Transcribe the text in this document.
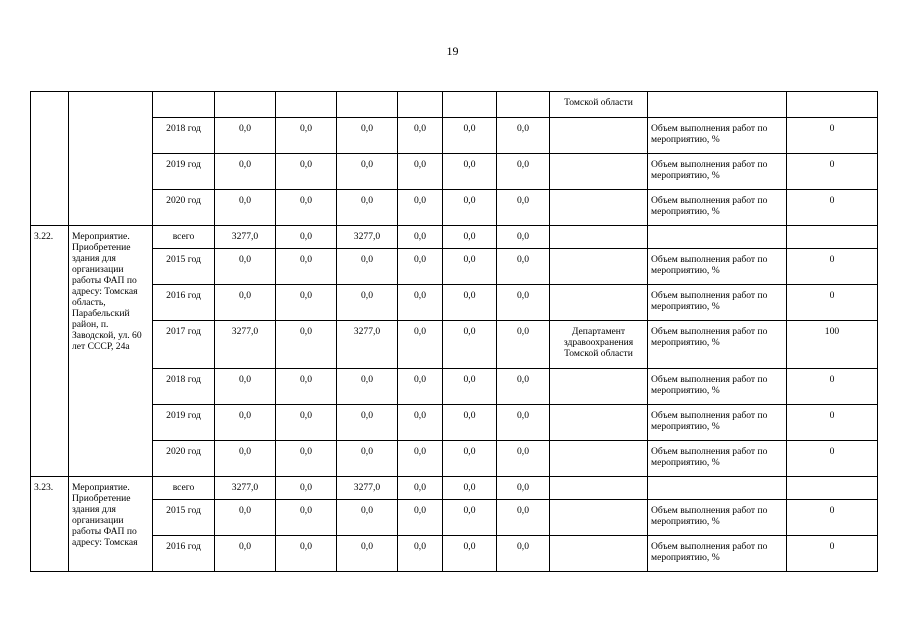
19
									Томской области		
		2018 год	0,0	0,0	0,0	0,0	0,0	0,0		Объем выполнения работ по мероприятию, %	0
		2019 год	0,0	0,0	0,0	0,0	0,0	0,0		Объем выполнения работ по мероприятию, %	0
		2020 год	0,0	0,0	0,0	0,0	0,0	0,0		Объем выполнения работ по мероприятию, %	0
3.22.	Мероприятие. Приобретение здания для организации работы ФАП по адресу: Томская область, Парабельский район, п. Заводской, ул. 60 лет СССР, 24а	всего	3277,0	0,0	3277,0	0,0	0,0	0,0			
		2015 год	0,0	0,0	0,0	0,0	0,0	0,0		Объем выполнения работ по мероприятию, %	0
		2016 год	0,0	0,0	0,0	0,0	0,0	0,0		Объем выполнения работ по мероприятию, %	0
		2017 год	3277,0	0,0	3277,0	0,0	0,0	0,0	Департамент здравоохранения Томской области	Объем выполнения работ по мероприятию, %	100
		2018 год	0,0	0,0	0,0	0,0	0,0	0,0		Объем выполнения работ по мероприятию, %	0
		2019 год	0,0	0,0	0,0	0,0	0,0	0,0		Объем выполнения работ по мероприятию, %	0
		2020 год	0,0	0,0	0,0	0,0	0,0	0,0		Объем выполнения работ по мероприятию, %	0
3.23.	Мероприятие. Приобретение здания для организации работы ФАП по адресу: Томская	всего	3277,0	0,0	3277,0	0,0	0,0	0,0			
		2015 год	0,0	0,0	0,0	0,0	0,0	0,0		Объем выполнения работ по мероприятию, %	0
		2016 год	0,0	0,0	0,0	0,0	0,0	0,0		Объем выполнения работ по мероприятию, %	0
